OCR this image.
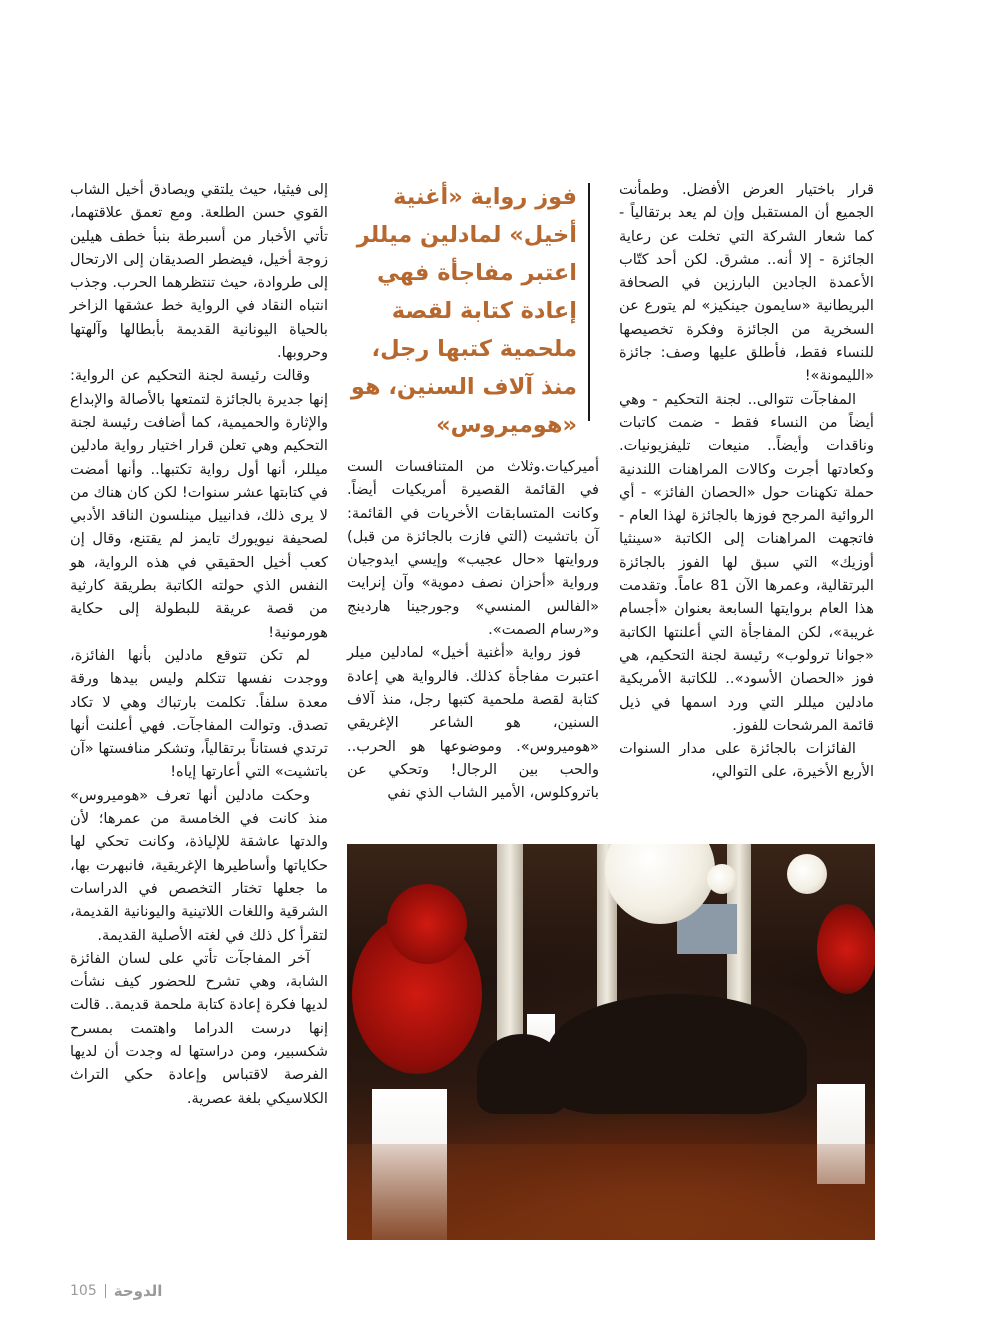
قرار باختيار العرض الأفضل. وطمأنت الجميع أن المستقبل وإن لم يعد برتقالياً - كما شعار الشركة التي تخلت عن رعاية الجائزة - إلا أنه.. مشرق. لكن أحد كتّاب الأعمدة الجادين البارزين في الصحافة البريطانية «سايمون جينكيز» لم يتورع عن السخرية من الجائزة وفكرة تخصيصها للنساء فقط، فأطلق عليها وصف: جائزة «الليمونة»!

المفاجآت تتوالى.. لجنة التحكيم - وهي أيضاً من النساء فقط - ضمت كاتبات وناقدات وأيضاً.. منيعات تليفزيونيات. وكعادتها أجرت وكالات المراهنات اللندنية حملة تكهنات حول «الحصان الفائز» - أي الروائية المرجح فوزها بالجائزة لهذا العام - فاتجهت المراهنات إلى الكاتبة «سينثيا أوزيك» التي سبق لها الفوز بالجائزة البرتقالية، وعمرها الآن 81 عاماً. وتقدمت هذا العام بروايتها السابعة بعنوان «أجسام غريبة»، لكن المفاجأة التي أعلنتها الكاتبة «جوانا ترولوب» رئيسة لجنة التحكيم، هي فوز «الحصان الأسود».. للكاتبة الأمريكية مادلين ميللر التي ورد اسمها في ذيل قائمة المرشحات للفوز.

الفائزات بالجائزة على مدار السنوات الأربع الأخيرة، على التوالي،

فوز رواية «أغنية أخيل» لمادلين ميللر اعتبر مفاجأة فهي إعادة كتابة لقصة ملحمية كتبها رجل، منذ آلاف السنين، هو «هوميروس»

أميركيات.وثلاث من المتنافسات الست في القائمة القصيرة أمريكيات أيضاً. وكانت المتسابقات الأخريات في القائمة: آن باتشيت (التي فازت بالجائزة من قبل) وروايتها «حال عجيب» وإيسي ايدوجيان ورواية «أحزان نصف دموية» وآن إنرايت «الفالس المنسي» وجورجينا هاردينج و«رسام الصمت».

فوز رواية «أغنية أخيل» لمادلين ميلر اعتبرت مفاجأة كذلك. فالرواية هي إعادة كتابة لقصة ملحمية كتبها رجل، منذ آلاف السنين، هو الشاعر الإغريقي «هوميروس». وموضوعها هو الحرب.. والحب بين الرجال! وتحكي عن باتروكلوس، الأمير الشاب الذي نفي

إلى فيثيا، حيث يلتقي ويصادق أخيل الشاب القوي حسن الطلعة. ومع تعمق علاقتهما، تأتي الأخبار من أسبرطة بنبأ خطف هيلين زوجة أخيل، فيضطر الصديقان إلى الارتحال إلى طروادة، حيث تنتظرهما الحرب. وجذب انتباه النقاد في الرواية خط عشقها الزاخر بالحياة اليونانية القديمة بأبطالها وآلهتها وحروبها.

وقالت رئيسة لجنة التحكيم عن الرواية: إنها جديرة بالجائزة لتمتعها بالأصالة والإبداع والإثارة والحميمية، كما أضافت رئيسة لجنة التحكيم وهي تعلن قرار اختيار رواية مادلين ميللر، أنها أول رواية تكتبها.. وأنها أمضت في كتابتها عشر سنوات! لكن كان هناك من لا يرى ذلك، فدانييل مينلسون الناقد الأدبي لصحيفة نيويورك تايمز لم يقتنع، وقال إن كعب أخيل الحقيقي في هذه الرواية، هو النفس الذي حولته الكاتبة بطريقة كارثية من قصة عريقة للبطولة إلى حكاية هورمونية!

لم تكن تتوقع مادلين بأنها الفائزة، ووجدت نفسها تتكلم وليس بيدها ورقة معدة سلفاً. تكلمت بارتباك وهي لا تكاد تصدق. وتوالت المفاجآت. فهي أعلنت أنها ترتدي فستاناً برتقالياً، وتشكر منافستها «آن باتشيت» التي أعارتها إياه!

وحكت مادلين أنها تعرف «هوميروس» منذ كانت في الخامسة من عمرها؛ لأن والدتها عاشقة للإلياذة، وكانت تحكي لها حكاياتها وأساطيرها الإغريقية، فانبهرت بها، ما جعلها تختار التخصص في الدراسات الشرقية واللغات اللاتينية واليونانية القديمة، لتقرأ كل ذلك في لغته الأصلية القديمة.

آخر المفاجآت تأتي على لسان الفائزة الشابة، وهي تشرح للحضور كيف نشأت لديها فكرة إعادة كتابة ملحمة قديمة.. قالت إنها درست الدراما واهتمت بمسرح شكسبير، ومن دراستها له وجدت أن لديها الفرصة لاقتباس وإعادة حكي التراث الكلاسيكي بلغة عصرية.

105 الدوحة
